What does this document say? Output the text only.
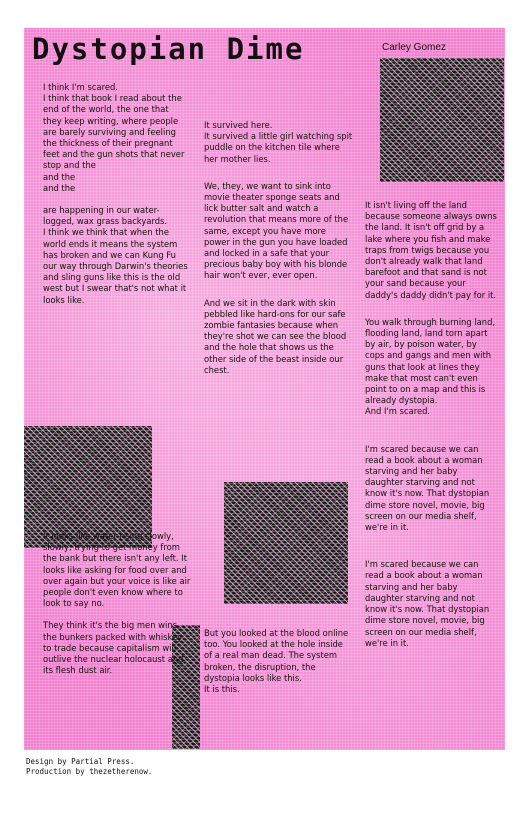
Dystopian Dime	Carley Gomez

I think I'm scared.
I think that book I read about the end of the world, the one that they keep writing, where people are barely surviving and feeling the thickness of their pregnant feet and the gun shots that never stop and the
and the
and the

are happening in our water-logged, wax grass backyards.
I think we think that when the world ends it means the system has broken and we can Kung Fu our way through Darwin's theories and sling guns like this is the old west but I swear that's not what it looks like.

It looks like water rising slowly, slowly, trying to get money from the bank but there isn't any left. It looks like asking for food over and over again but your voice is like air people don't even know where to look to say no.

They think it's the big men wins, the bunkers packed with whiskey to trade because capitalism will outlive the nuclear holocaust and its flesh dust air.

It survived here.
It survived a little girl watching spit puddle on the kitchen tile where her mother lies.

We, they, we want to sink into movie theater sponge seats and lick butter salt and watch a revolution that means more of the same, except you have more power in the gun you have loaded and locked in a safe that your precious baby boy with his blonde hair won't ever, ever open.

And we sit in the dark with skin pebbled like hard-ons for our safe zombie fantasies because when they're shot we can see the blood and the hole that shows us the other side of the beast inside our chest.

But you looked at the blood online too. You looked at the hole inside of a real man dead. The system broken, the disruption, the dystopia looks like this.
It is this.

It isn't living off the land because someone always owns the land. It isn't off grid by a lake where you fish and make traps from twigs because you don't already walk that land barefoot and that sand is not your sand because your daddy's daddy didn't pay for it.

You walk through burning land, flooding land, land torn apart by air, by poison water, by cops and gangs and men with guns that look at lines they make that most can't even point to on a map and this is already dystopia.
And I'm scared.

I'm scared because we can read a book about a woman starving and her baby daughter starving and not know it's now. That dystopian dime store novel, movie, big screen on our media shelf, we're in it.

I'm scared because we can read a book about a woman starving and her baby daughter starving and not know it's now. That dystopian dime store novel, movie, big screen on our media shelf, we're in it.

Design by Partial Press.
Production by thezetherenow.
